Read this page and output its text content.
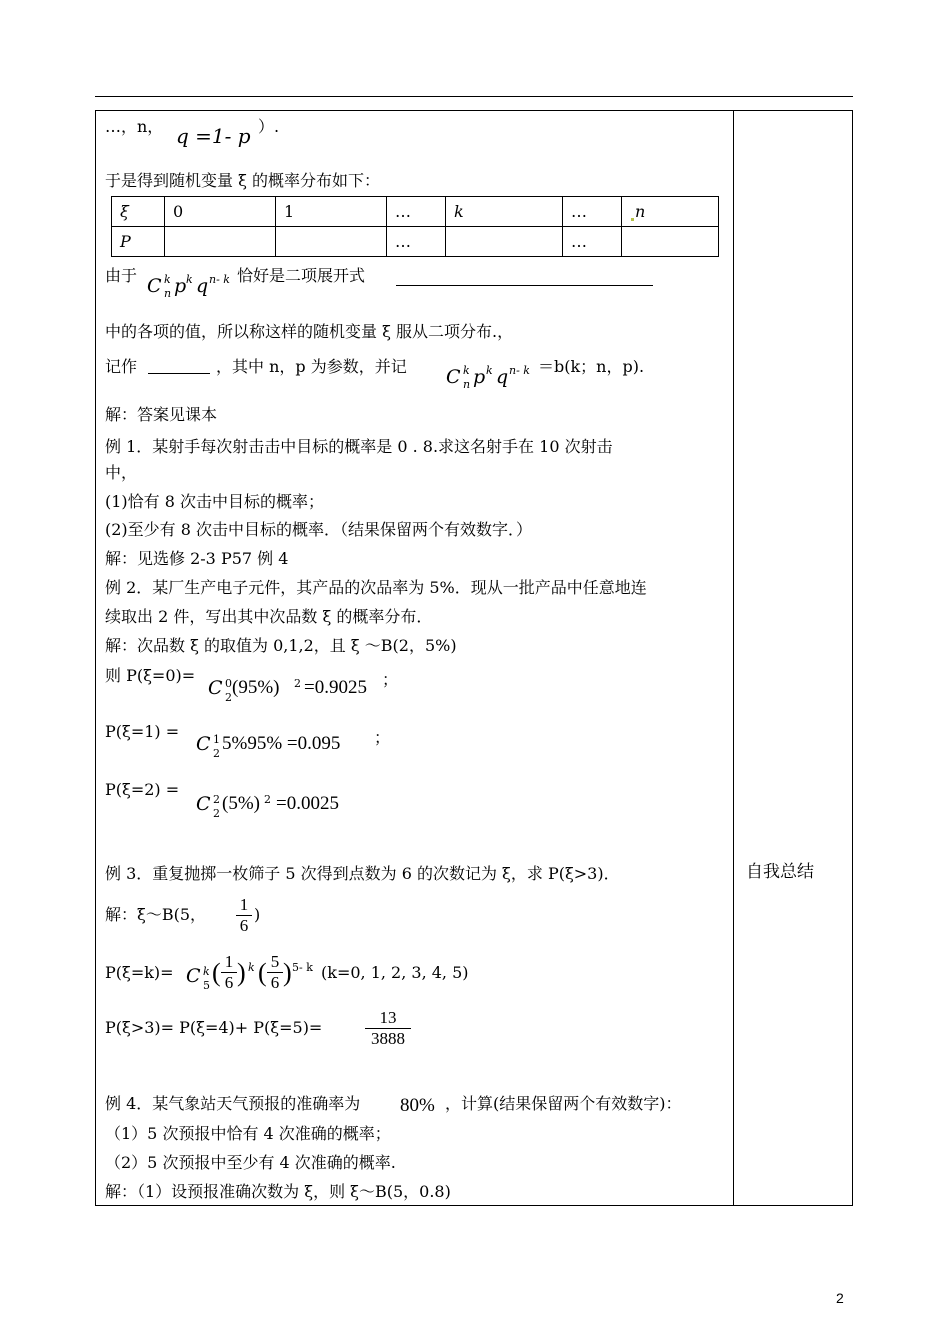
…，n， q =1- p ）.
于是得到随机变量 ξ 的概率分布如下：
ξ	0	1	…	k	…	n
P			…		…	
由于 C k
n p k q n- k 恰好是二项展开式
中的各项的值，所以称这样的随机变量 ξ 服从二项分布.，
记作	，其中 n，p 为参数，并记 C k
n p k q n- k ＝b(k；n，p).
解：答案见课本
例 1．某射手每次射击击中目标的概率是 0 . 8.求这名射手在 10 次射击
中，
(1)恰有 8 次击中目标的概率；
(2)至少有 8 次击中目标的概率．（结果保留两个有效数字．）
解：见选修 2-3 P57 例 4
例 2．某厂生产电子元件，其产品的次品率为 5%．现从一批产品中任意地连
续取出 2 件，写出其中次品数 ξ 的概率分布．
解：次品数 ξ 的取值为 0,1,2，且 ξ ～B(2，5%)
则 P(ξ=0)=
C 0
2 (95%) 2 =0.9025 ；
P(ξ=1) =
C 1
2 5%95% =0.095 ；
P(ξ=2) =
C 2
2 (5%) 2 =0.0025
自我总结
例 3．重复抛掷一枚筛子 5 次得到点数为 6 的次数记为 ξ，求 P(ξ>3)．
解：ξ～B(5，
1
6
)
P(ξ=k)= C k
5 ( 1
6 ) k ( 5
6 ) 5- k (k=0, 1, 2, 3, 4, 5)
P(ξ>3)= P(ξ=4)+ P(ξ=5)=
13
3888
例 4．某气象站天气预报的准确率为 80% ，计算(结果保留两个有效数字)：
（1）5 次预报中恰有 4 次准确的概率；
（2）5 次预报中至少有 4 次准确的概率.
解：（1）设预报准确次数为 ξ，则 ξ～B(5，0.8)
2
